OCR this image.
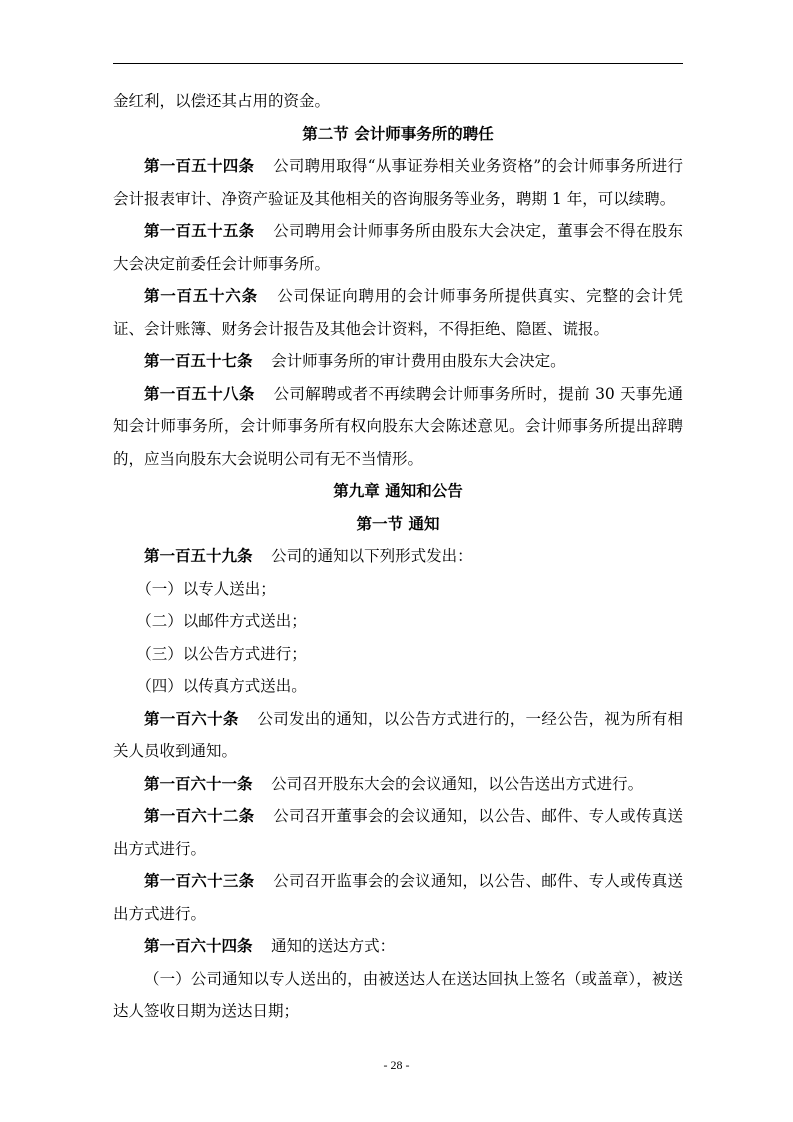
金红利，以偿还其占用的资金。

第二节 会计师事务所的聘任

第一百五十四条 公司聘用取得“从事证券相关业务资格”的会计师事务所进行会计报表审计、净资产验证及其他相关的咨询服务等业务，聘期 1 年，可以续聘。

第一百五十五条 公司聘用会计师事务所由股东大会决定，董事会不得在股东大会决定前委任会计师事务所。

第一百五十六条 公司保证向聘用的会计师事务所提供真实、完整的会计凭证、会计账簿、财务会计报告及其他会计资料，不得拒绝、隐匿、谎报。

第一百五十七条 会计师事务所的审计费用由股东大会决定。

第一百五十八条 公司解聘或者不再续聘会计师事务所时，提前 30 天事先通知会计师事务所，会计师事务所有权向股东大会陈述意见。会计师事务所提出辞聘的，应当向股东大会说明公司有无不当情形。

第九章 通知和公告

第一节 通知

第一百五十九条 公司的通知以下列形式发出：

（一）以专人送出；

（二）以邮件方式送出；

（三）以公告方式进行；

（四）以传真方式送出。

第一百六十条 公司发出的通知，以公告方式进行的，一经公告，视为所有相关人员收到通知。

第一百六十一条 公司召开股东大会的会议通知，以公告送出方式进行。

第一百六十二条 公司召开董事会的会议通知，以公告、邮件、专人或传真送出方式进行。

第一百六十三条 公司召开监事会的会议通知，以公告、邮件、专人或传真送出方式进行。

第一百六十四条 通知的送达方式：

（一）公司通知以专人送出的，由被送达人在送达回执上签名（或盖章），被送达人签收日期为送达日期；

- 28 -
